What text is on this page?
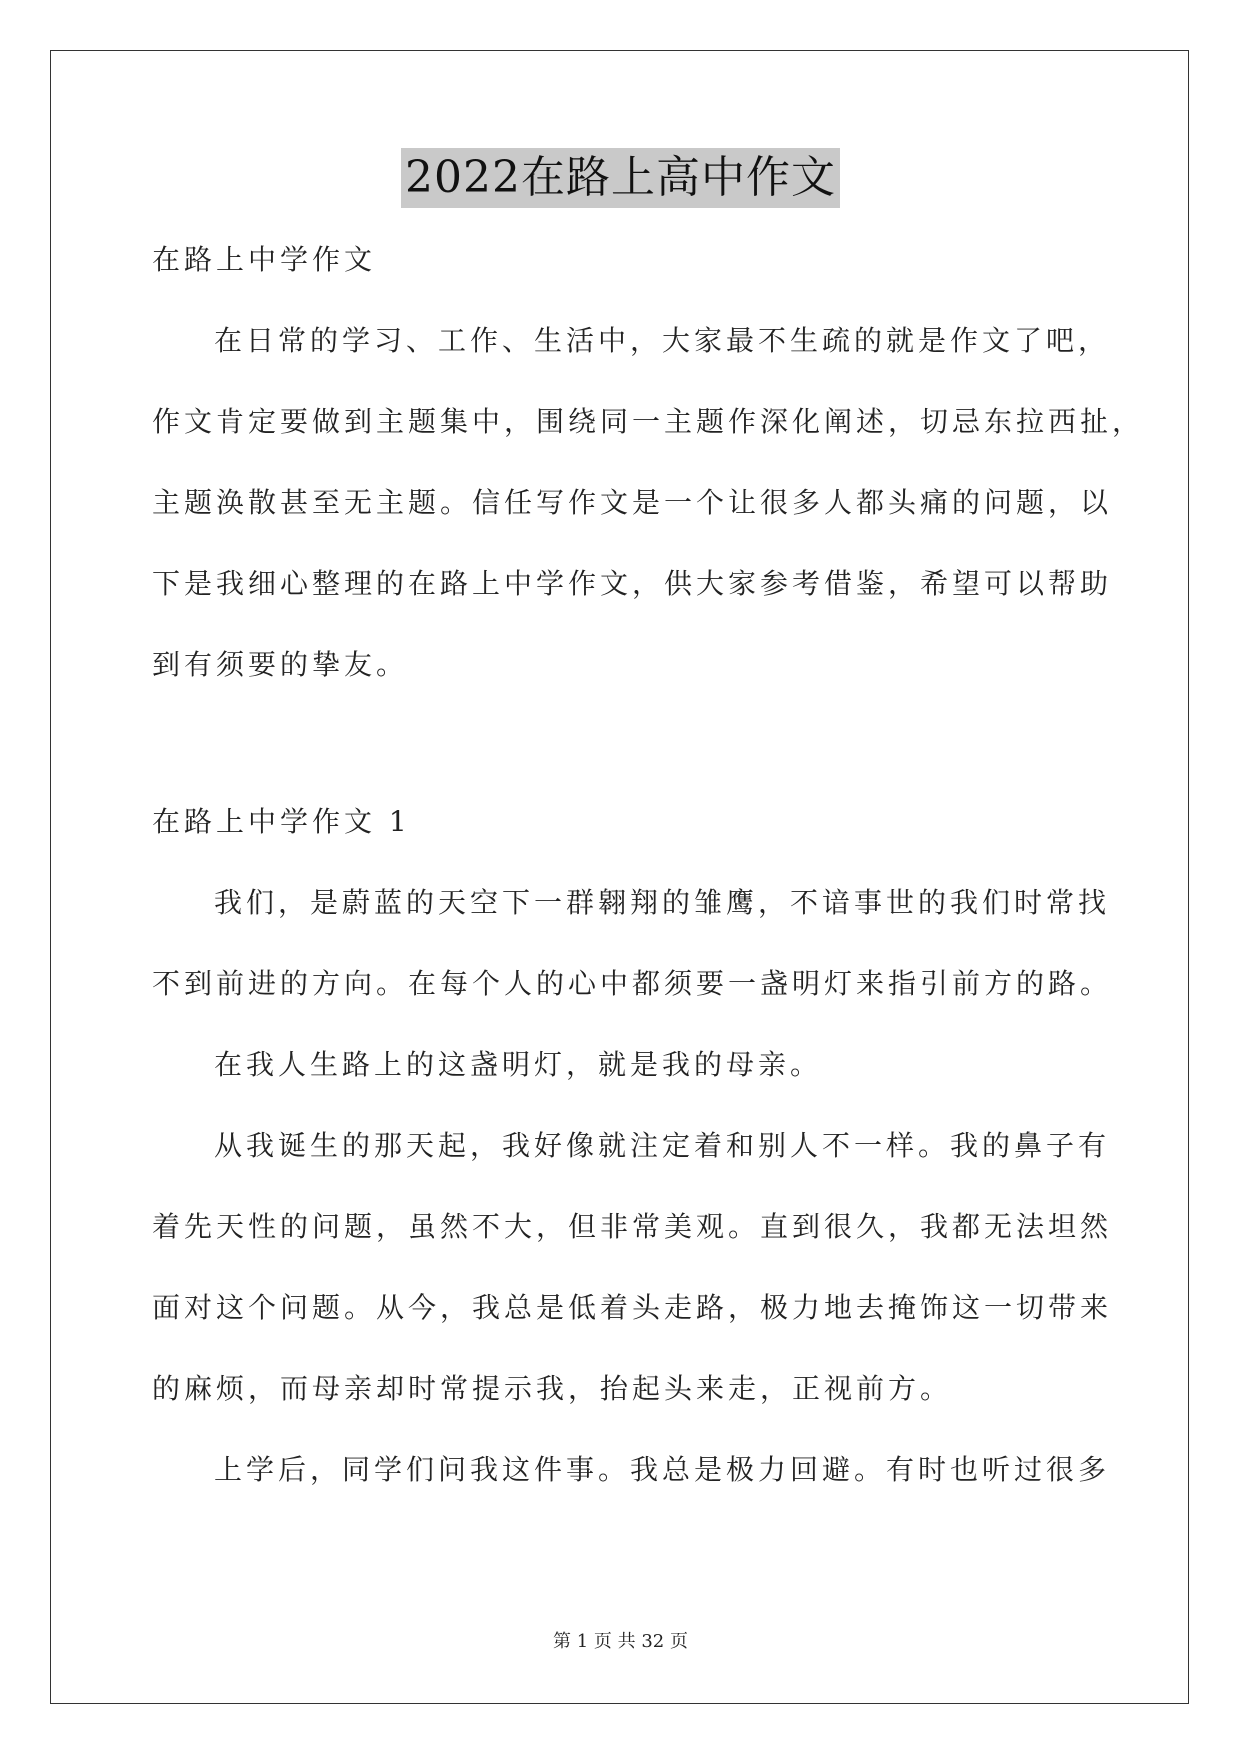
2022在路上高中作文
在路上中学作文
在日常的学习、工作、生活中，大家最不生疏的就是作文了吧，
作文肯定要做到主题集中，围绕同一主题作深化阐述，切忌东拉西扯，
主题涣散甚至无主题。信任写作文是一个让很多人都头痛的问题，以
下是我细心整理的在路上中学作文，供大家参考借鉴，希望可以帮助
到有须要的挚友。
在路上中学作文 1
我们，是蔚蓝的天空下一群翱翔的雏鹰，不谙事世的我们时常找
不到前进的方向。在每个人的心中都须要一盏明灯来指引前方的路。
在我人生路上的这盏明灯，就是我的母亲。
从我诞生的那天起，我好像就注定着和别人不一样。我的鼻子有
着先天性的问题，虽然不大，但非常美观。直到很久，我都无法坦然
面对这个问题。从今，我总是低着头走路，极力地去掩饰这一切带来
的麻烦，而母亲却时常提示我，抬起头来走，正视前方。
上学后，同学们问我这件事。我总是极力回避。有时也听过很多
第 1 页 共 32 页
